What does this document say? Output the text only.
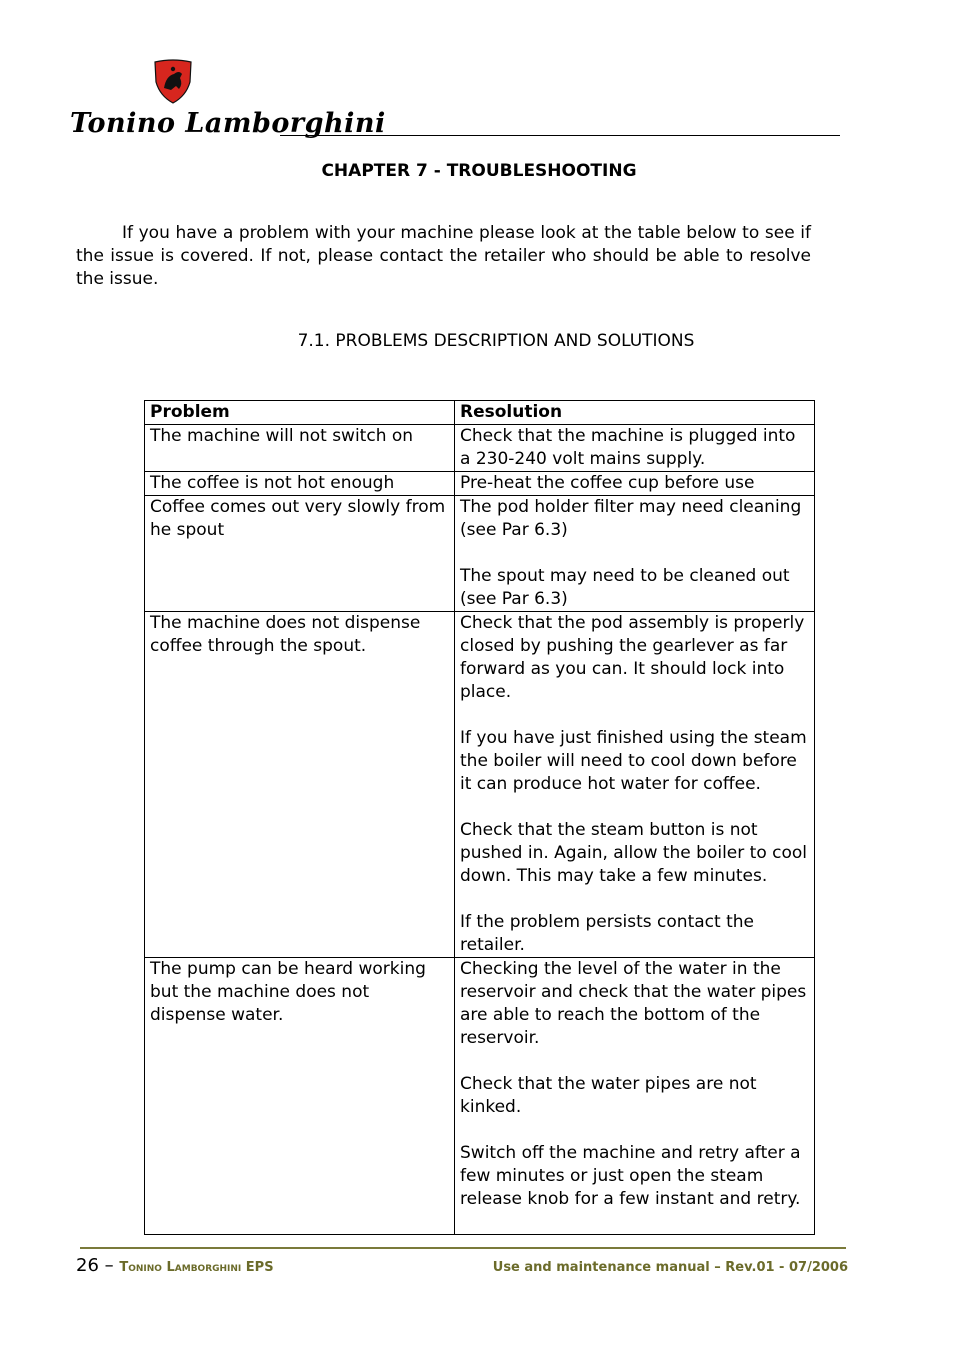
Tonino Lamborghini
CHAPTER 7 - TROUBLESHOOTING

If you have a problem with your machine please look at the table below to see if the issue is covered. If not, please contact the retailer who should be able to resolve the issue.

7.1. PROBLEMS DESCRIPTION AND SOLUTIONS
Problem	Resolution
The machine will not switch on	Check that the machine is plugged into a 230-240 volt mains supply.

The coffee is not hot enough	Pre-heat the coffee cup before use

Coffee comes out very slowly from he spout	The pod holder filter may need cleaning (see Par 6.3)

The spout may need to be cleaned out (see Par 6.3)

The machine does not dispense coffee through the spout.	Check that the pod assembly is properly closed by pushing the gearlever as far forward as you can. It should lock into place.

If you have just finished using the steam the boiler will need to cool down before it can produce hot water for coffee.

Check that the steam button is not pushed in. Again, allow the boiler to cool down. This may take a few minutes.

If the problem persists contact the retailer.

The pump can be heard working but the machine does not dispense water.	Checking the level of the water in the reservoir and check that the water pipes are able to reach the bottom of the reservoir.

Check that the water pipes are not kinked.

Switch off the machine and retry after a few minutes or just open the steam release knob for a few instant and retry.

26 – Tonino Lamborghini EPS	Use and maintenance manual – Rev.01 - 07/2006
